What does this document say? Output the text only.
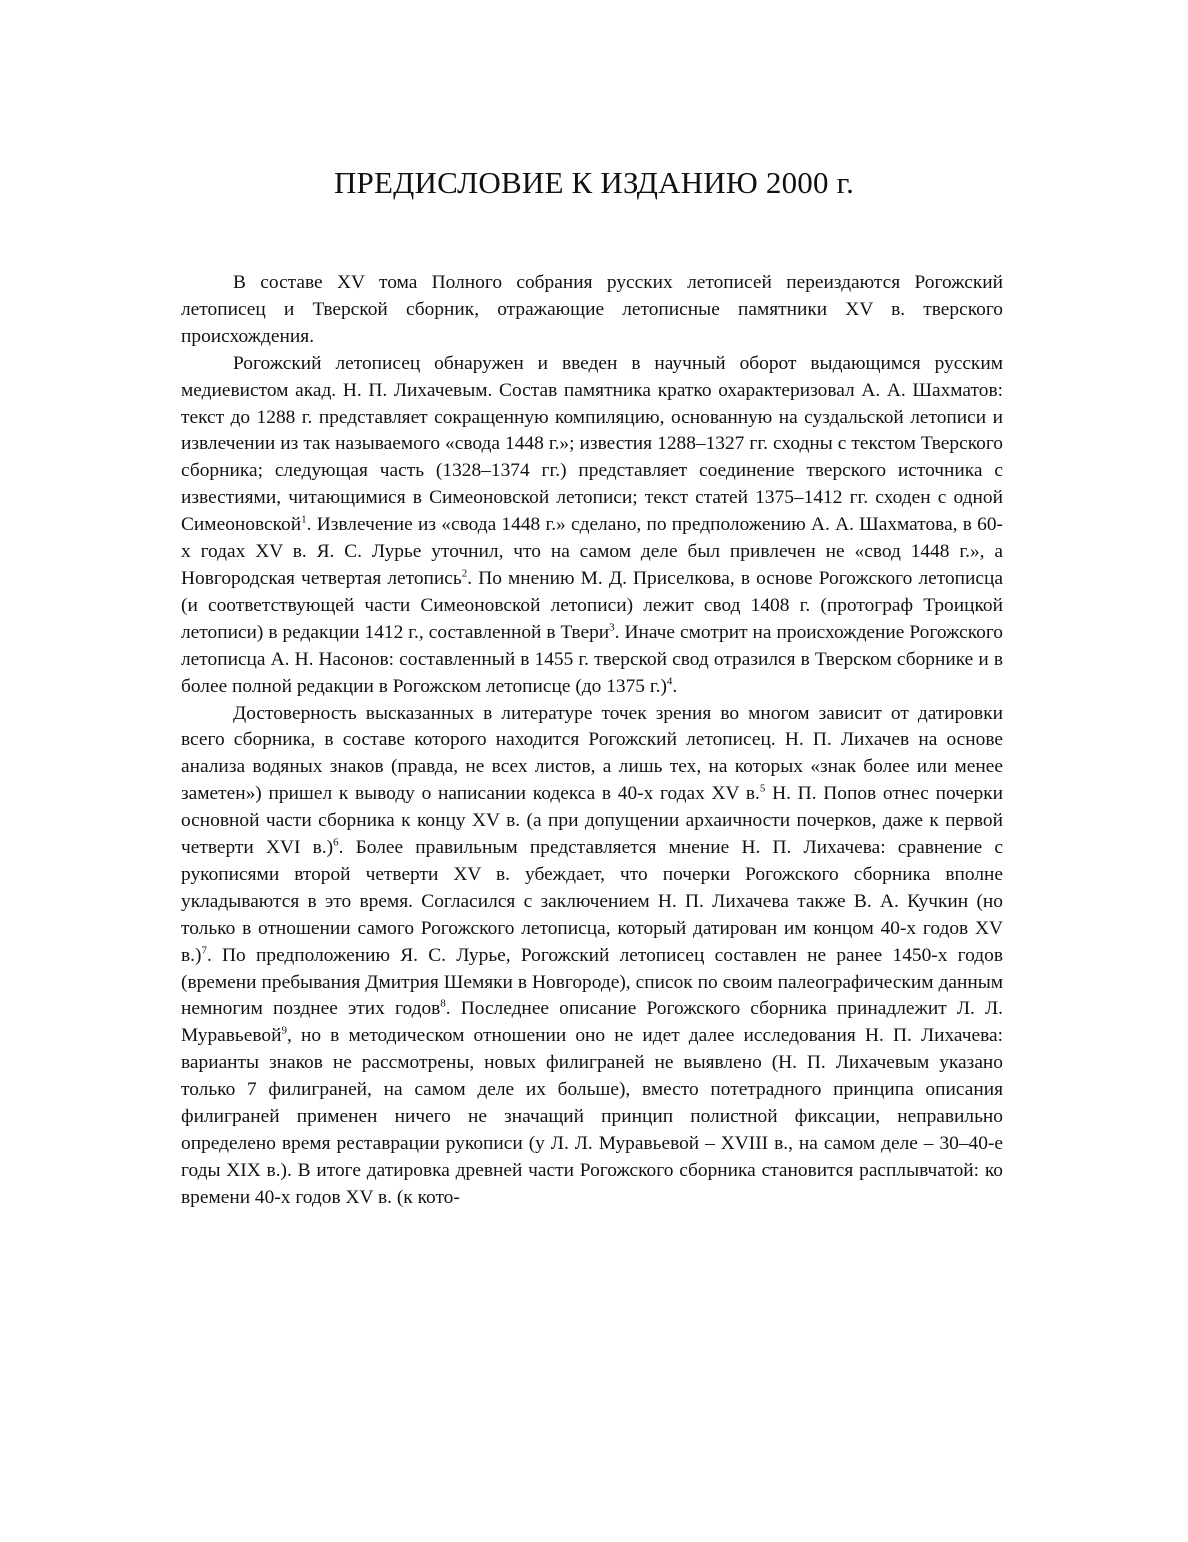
ПРЕДИСЛОВИЕ К ИЗДАНИЮ 2000 г.

В составе XV тома Полного собрания русских летописей переиздаются Рогожский летописец и Тверской сборник, отражающие летописные памятники XV в. тверского происхождения.

Рогожский летописец обнаружен и введен в научный оборот выдающимся русским медиевистом акад. Н. П. Лихачевым. Состав памятника кратко охарактеризовал А. А. Шахматов: текст до 1288 г. представляет сокращенную компиляцию, основанную на суздальской летописи и извлечении из так называемого «свода 1448 г.»; известия 1288–1327 гг. сходны с текстом Тверского сборника; следующая часть (1328–1374 гг.) представляет соединение тверского источника с известиями, читающимися в Симеоновской летописи; текст статей 1375–1412 гг. сходен с одной Симеоновской$^1$. Извлечение из «свода 1448 г.» сделано, по предположению А. А. Шахматова, в 60-х годах XV в. Я. С. Лурье уточнил, что на самом деле был привлечен не «свод 1448 г.», а Новгородская четвертая летопись$^2$. По мнению М. Д. Приселкова, в основе Рогожского летописца (и соответствующей части Симеоновской летописи) лежит свод 1408 г. (протограф Троицкой летописи) в редакции 1412 г., составленной в Твери$^3$. Иначе смотрит на происхождение Рогожского летописца А. Н. Насонов: составленный в 1455 г. тверской свод отразился в Тверском сборнике и в более полной редакции в Рогожском летописце (до 1375 г.)$^4$.

Достоверность высказанных в литературе точек зрения во многом зависит от датировки всего сборника, в составе которого находится Рогожский летописец. Н. П. Лихачев на основе анализа водяных знаков (правда, не всех листов, а лишь тех, на которых «знак более или менее заметен») пришел к выводу о написании кодекса в 40-х годах XV в.$^5$ Н. П. Попов отнес почерки основной части сборника к концу XV в. (а при допущении архаичности почерков, даже к первой четверти XVI в.)$^6$. Более правильным представляется мнение Н. П. Лихачева: сравнение с рукописями второй четверти XV в. убеждает, что почерки Рогожского сборника вполне укладываются в это время. Согласился с заключением Н. П. Лихачева также В. А. Кучкин (но только в отношении самого Рогожского летописца, который датирован им концом 40-х годов XV в.)$^7$. По предположению Я. С. Лурье, Рогожский летописец составлен не ранее 1450-х годов (времени пребывания Дмитрия Шемяки в Новгороде), список по своим палеографическим данным немногим позднее этих годов$^8$. Последнее описание Рогожского сборника принадлежит Л. Л. Муравьевой$^9$, но в методическом отношении оно не идет далее исследования Н. П. Лихачева: варианты знаков не рассмотрены, новых филиграней не выявлено (Н. П. Лихачевым указано только 7 филиграней, на самом деле их больше), вместо потетрадного принципа описания филиграней применен ничего не значащий принцип полистной фиксации, неправильно определено время реставрации рукописи (у Л. Л. Муравьевой – XVIII в., на самом деле – 30–40-е годы XIX в.). В итоге датировка древней части Рогожского сборника становится расплывчатой: ко времени 40-х годов XV в. (к кото-
